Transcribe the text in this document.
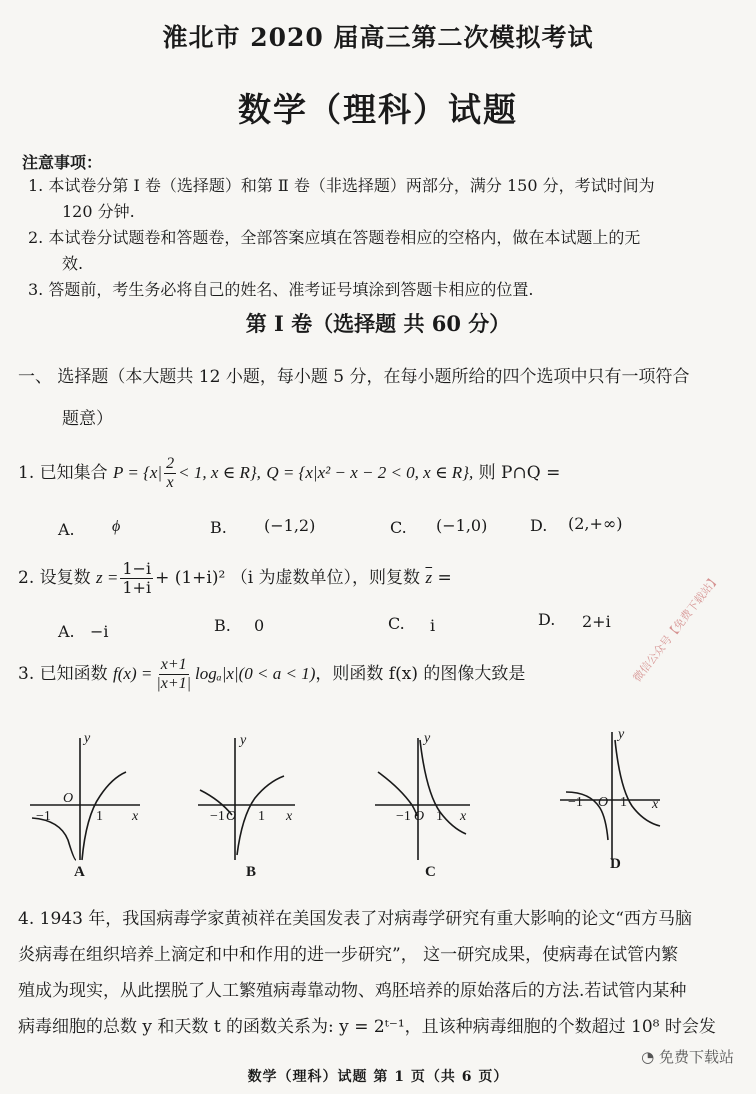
淮北市 2020 届高三第二次模拟考试
数学（理科）试题
注意事项：
1. 本试卷分第 Ⅰ 卷（选择题）和第 Ⅱ 卷（非选择题）两部分，满分 150 分，考试时间为
120 分钟.
2. 本试卷分试题卷和答题卷，全部答案应填在答题卷相应的空格内，做在本试题上的无
效.
3. 答题前，考生务必将自己的姓名、准考证号填涂到答题卡相应的位置.
第 Ⅰ 卷（选择题 共 60 分）
一、 选择题（本大题共 12 小题，每小题 5 分，在每小题所给的四个选项中只有一项符合
题意）
1. 已知集合 $P = \{x| \frac{2}{x} < 1$, x ∈ R}, Q = {x|x² − x − 2 < 0, x ∈ R}, 则 P∩Q =
A. ϕ	B. (−1,2)	C. (−1,0)	D. (2,+∞)
2. 设复数 $z = \frac{1-i}{1+i} + (1+i)^2$ （i 为虚数单位），则复数 $\overline{z}$ =
A. −i	B. 0	C. i	D. 2+i
3. 已知函数 $f(x) = \frac{x+1}{|x+1|} \log_a|x|(0 < a < 1)$，则函数 f(x) 的图像大致是
y
x
−1
O
1
y
x
−1 O 1
y
x
−1 O 1
y
x
−1 O 1
A	B	C	D
4. 1943 年，我国病毒学家黄祯祥在美国发表了对病毒学研究有重大影响的论文“西方马脑
炎病毒在组织培养上滴定和中和作用的进一步研究”， 这一研究成果，使病毒在试管内繁
殖成为现实，从此摆脱了人工繁殖病毒靠动物、鸡胚培养的原始落后的方法.若试管内某种
病毒细胞的总数 y 和天数 t 的函数关系为: y = 2ᵗ⁻¹，且该种病毒细胞的个数超过 10⁸ 时会发
微信公众号【免费下载站】
◔ 免费下载站
数学（理科）试题 第 1 页（共 6 页）
